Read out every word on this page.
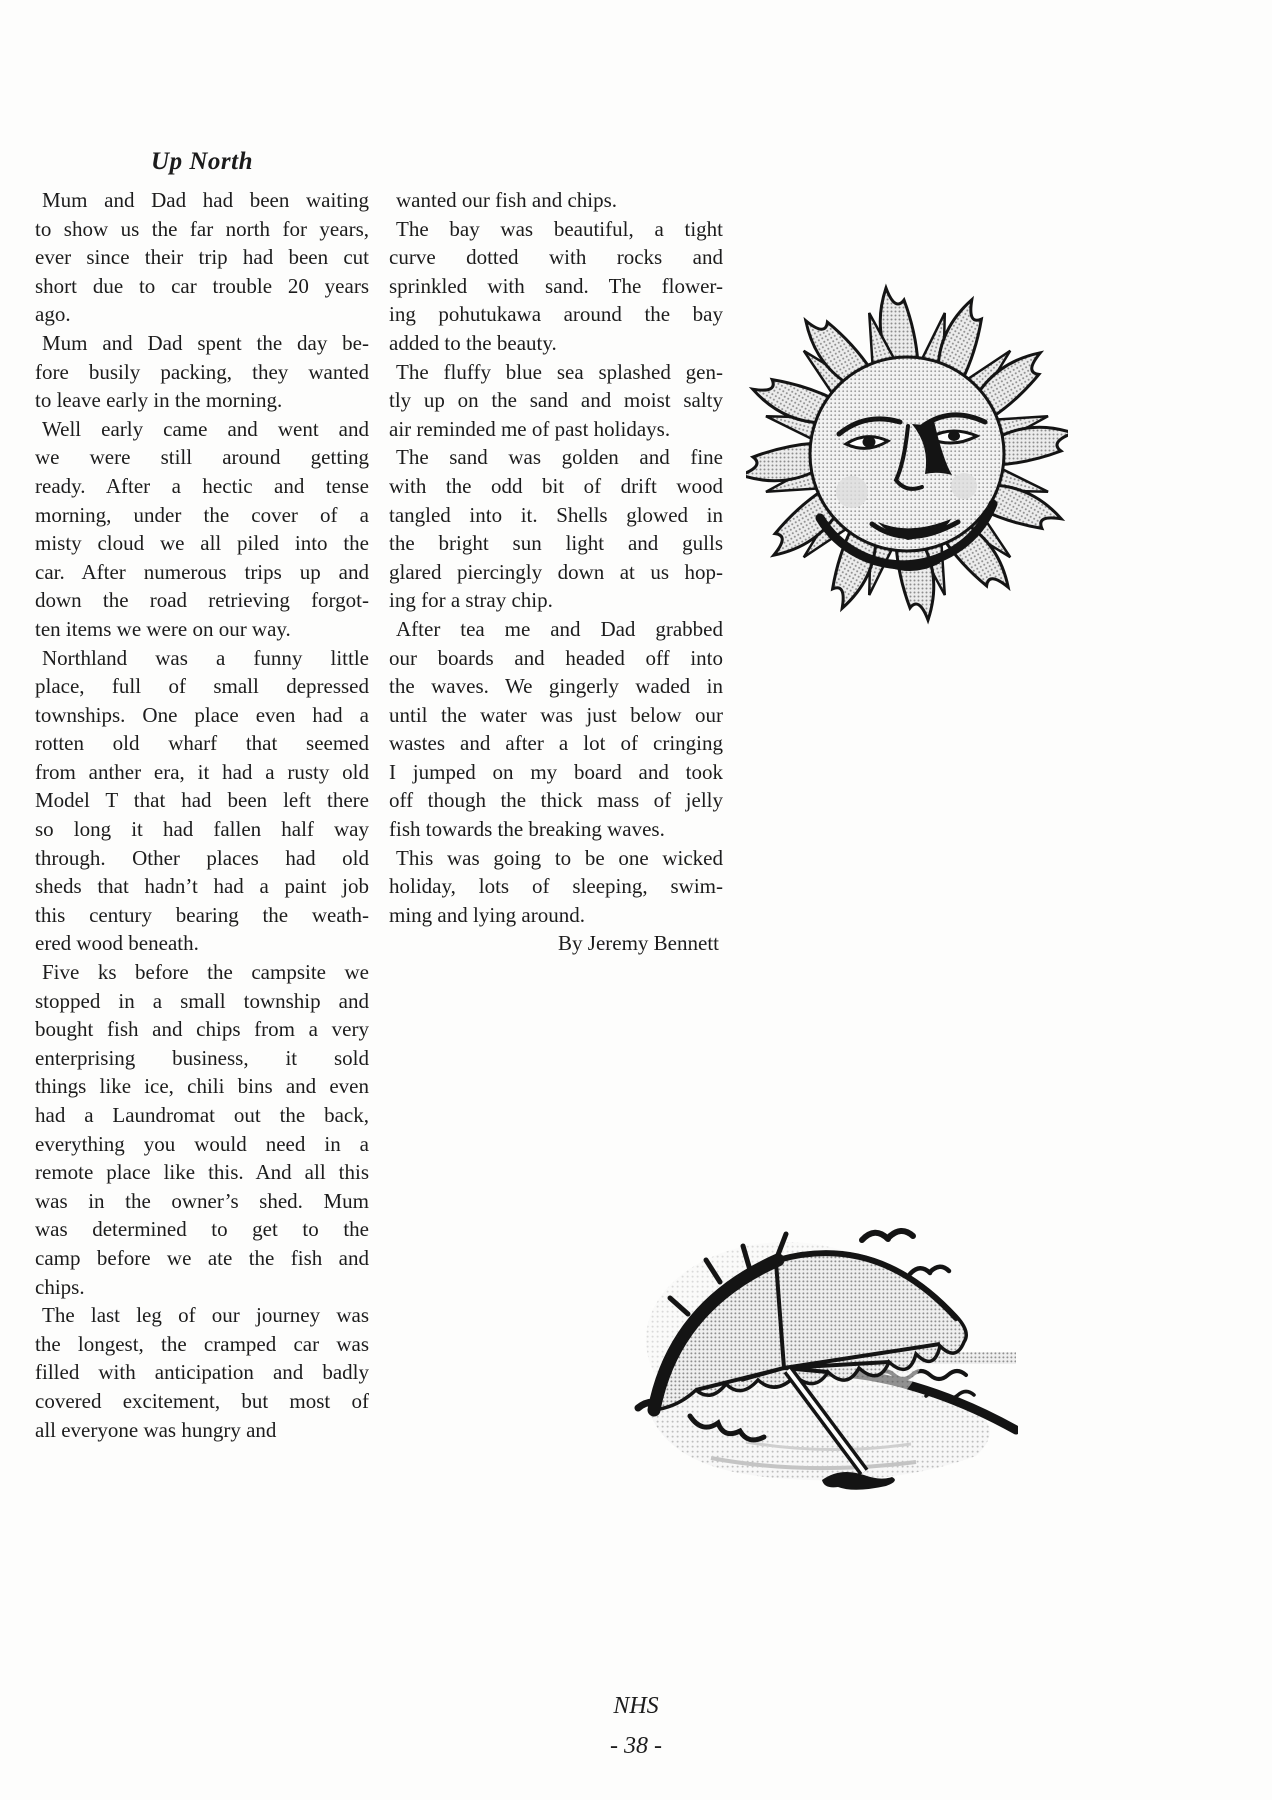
Up North
Mum and Dad had been waiting
to show us the far north for years,
ever since their trip had been cut
short due to car trouble 20 years
ago.
Mum and Dad spent the day be-
fore busily packing, they wanted
to leave early in the morning.
Well early came and went and
we were still around getting
ready. After a hectic and tense
morning, under the cover of a
misty cloud we all piled into the
car. After numerous trips up and
down the road retrieving forgot-
ten items we were on our way.
Northland was a funny little
place, full of small depressed
townships. One place even had a
rotten old wharf that seemed
from anther era, it had a rusty old
Model T that had been left there
so long it had fallen half way
through. Other places had old
sheds that hadn’t had a paint job
this century bearing the weath-
ered wood beneath.
Five ks before the campsite we
stopped in a small township and
bought fish and chips from a very
enterprising business, it sold
things like ice, chili bins and even
had a Laundromat out the back,
everything you would need in a
remote place like this. And all this
was in the owner’s shed. Mum
was determined to get to the
camp before we ate the fish and
chips.
The last leg of our journey was
the longest, the cramped car was
filled with anticipation and badly
covered excitement, but most of
all everyone was hungry and
wanted our fish and chips.
The bay was beautiful, a tight
curve dotted with rocks and
sprinkled with sand. The flower-
ing pohutukawa around the bay
added to the beauty.
The fluffy blue sea splashed gen-
tly up on the sand and moist salty
air reminded me of past holidays.
The sand was golden and fine
with the odd bit of drift wood
tangled into it. Shells glowed in
the bright sun light and gulls
glared piercingly down at us hop-
ing for a stray chip.
After tea me and Dad grabbed
our boards and headed off into
the waves. We gingerly waded in
until the water was just below our
wastes and after a lot of cringing
I jumped on my board and took
off though the thick mass of jelly
fish towards the breaking waves.
This was going to be one wicked
holiday, lots of sleeping, swim-
ming and lying around.
By Jeremy Bennett
NHS
- 38 -
